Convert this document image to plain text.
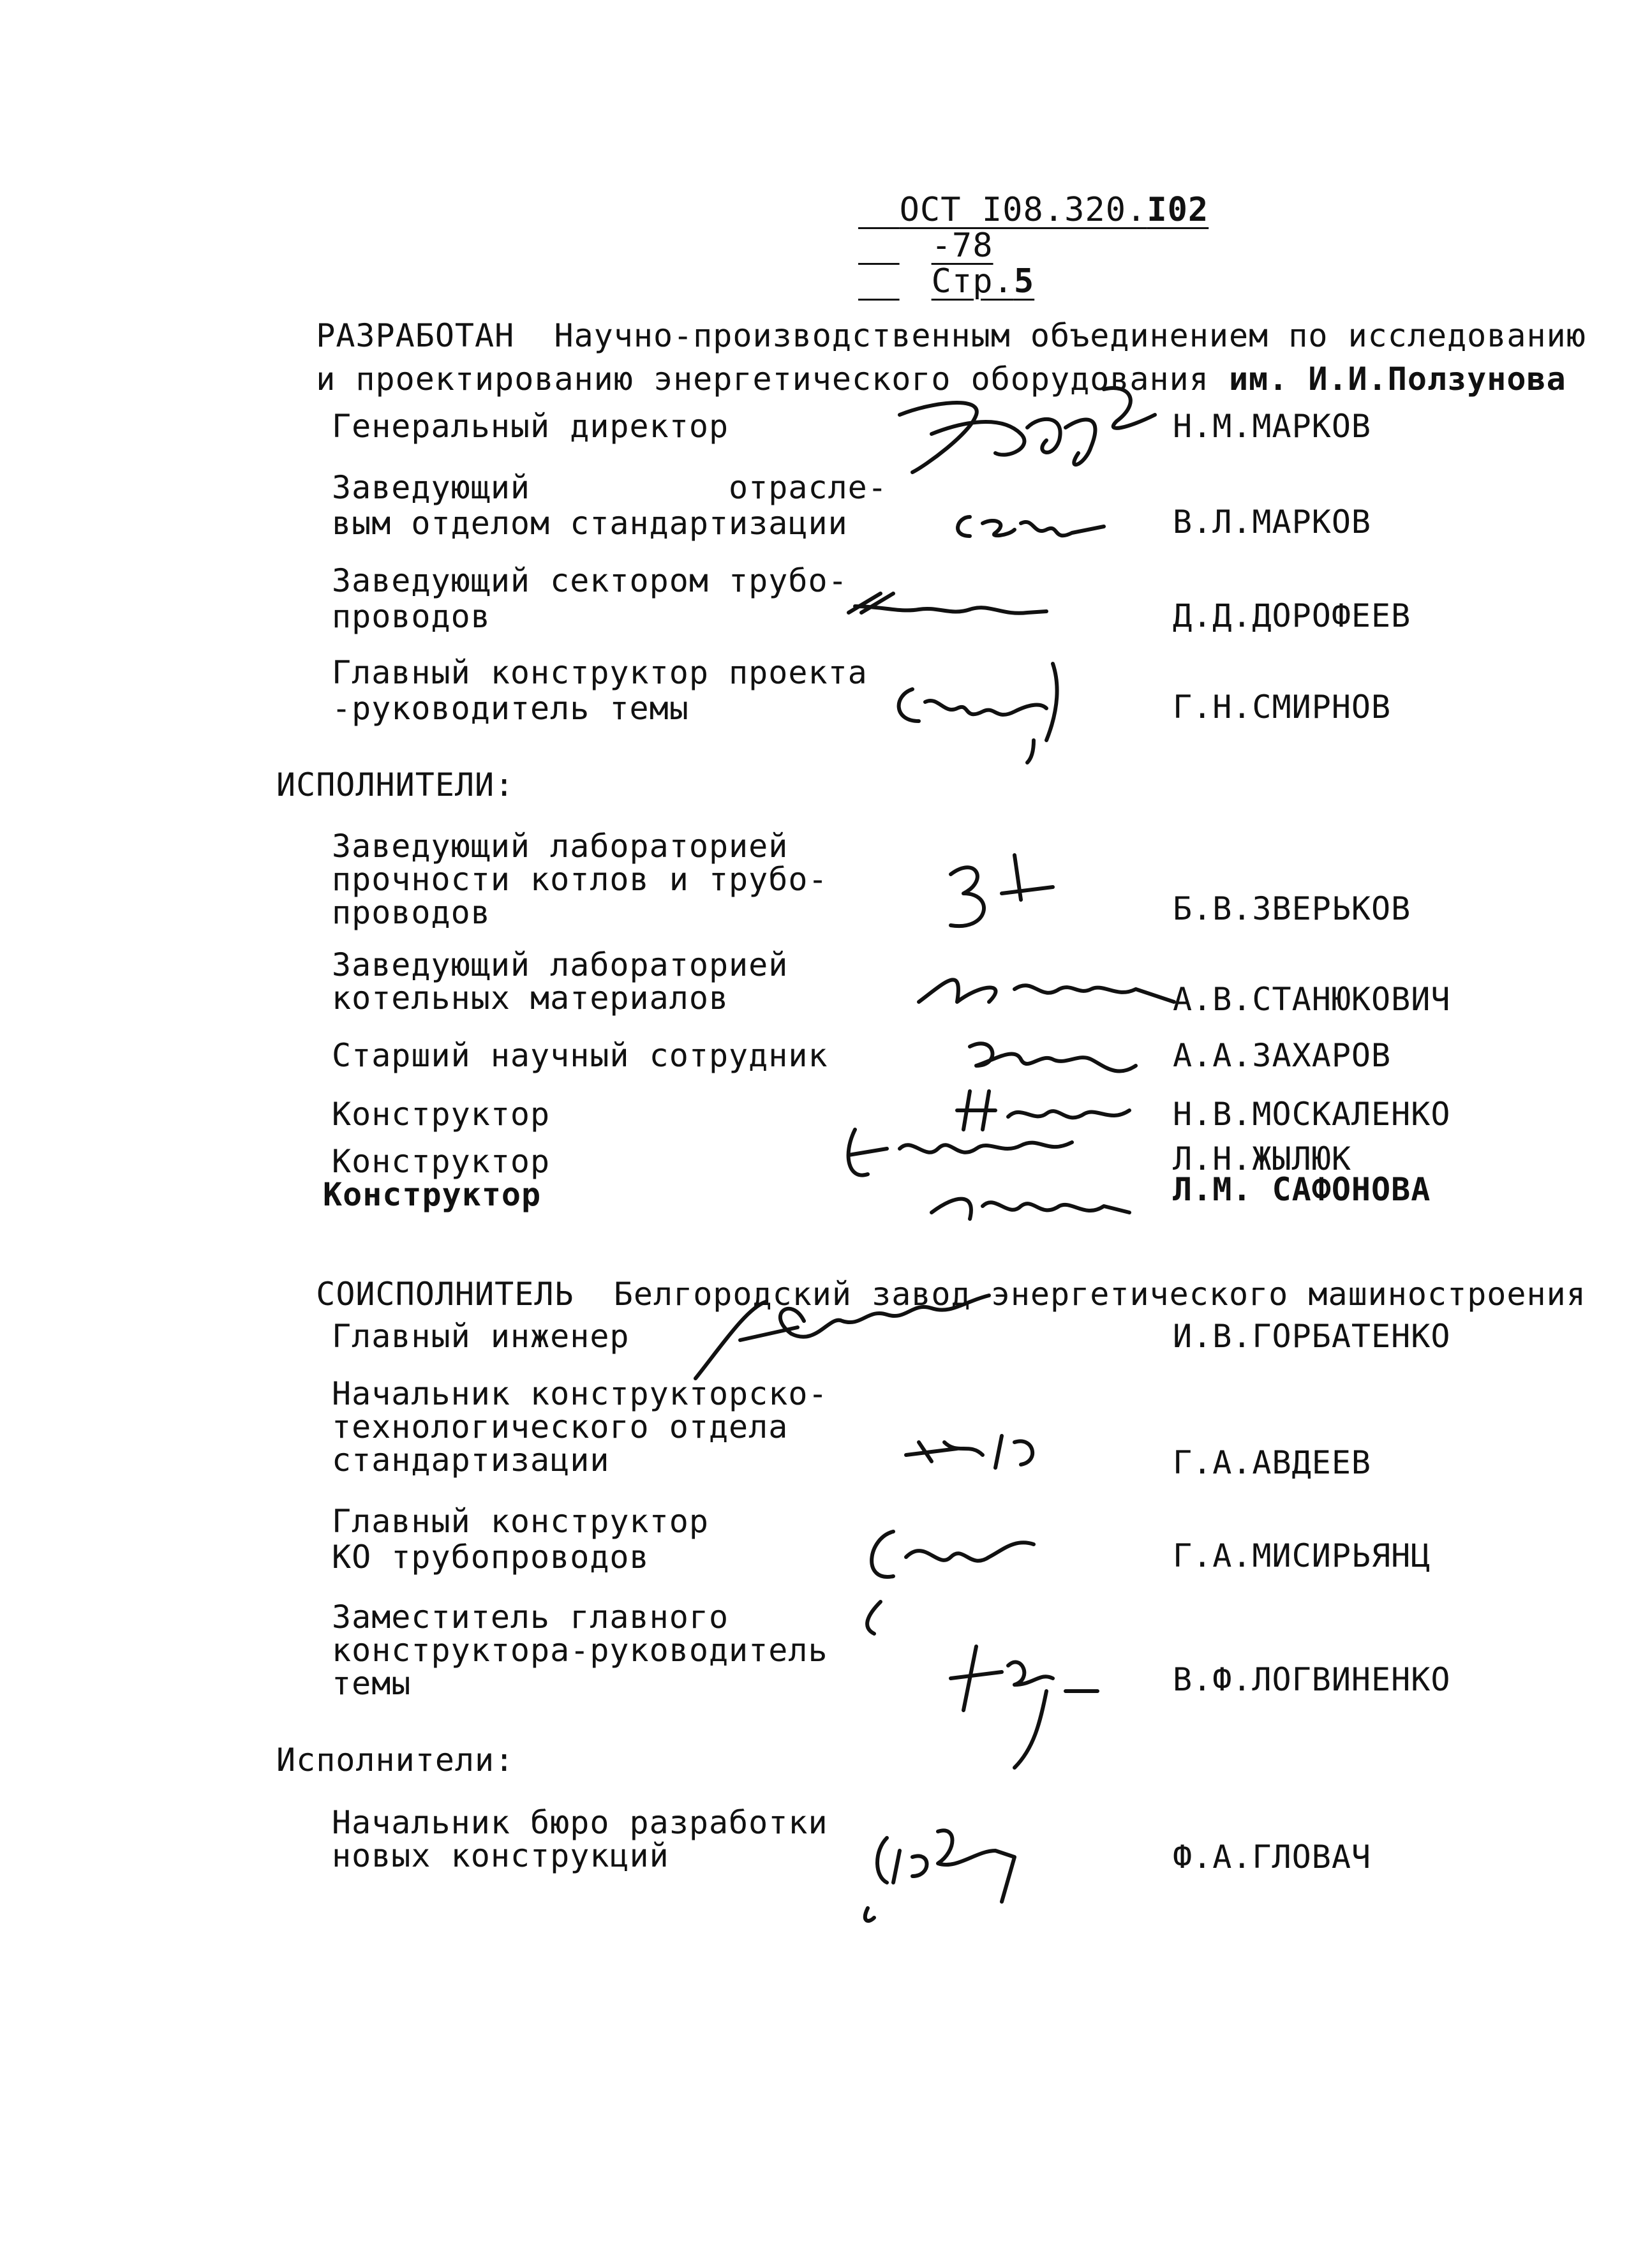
ОСТ I08.320.I02
-78
Стр.5

РАЗРАБОТАН Научно-производственным объединением по исследованию

и проектированию энергетического оборудования им. И.И.Ползунова

Генеральный директор	Н.М.МАРКОВ
Заведующий          отрасле-
вым отделом стандартизации	В.Л.МАРКОВ
Заведующий сектором трубо-
проводов	Д.Д.ДОРОФЕЕВ
Главный конструктор проекта
-руководитель темы	Г.Н.СМИРНОВ
ИСПОЛНИТЕЛИ:
Заведующий лабораторией
прочности котлов и трубо-
проводов	Б.В.ЗВЕРЬКОВ
Заведующий лабораторией
котельных материалов	А.В.СТАНЮКОВИЧ
Старший научный сотрудник	А.А.ЗАХАРОВ
Конструктор	Н.В.МОСКАЛЕНКО
Конструктор	Л.Н.ЖЫЛЮК
Конструктор	Л.М. САФОНОВА

СОИСПОЛНИТЕЛЬ Белгородский завод энергетического машиностроения

Главный инженер	И.В.ГОРБАТЕНКО
Начальник конструкторско-
технологического отдела
стандартизации	Г.А.АВДЕЕВ
Главный конструктор
КО трубопроводов	Г.А.МИСИРЬЯНЦ
Заместитель главного
конструктора-руководитель
темы	В.Ф.ЛОГВИНЕНКО
Исполнители:
Начальник бюро разработки
новых конструкций	Ф.А.ГЛОВАЧ
